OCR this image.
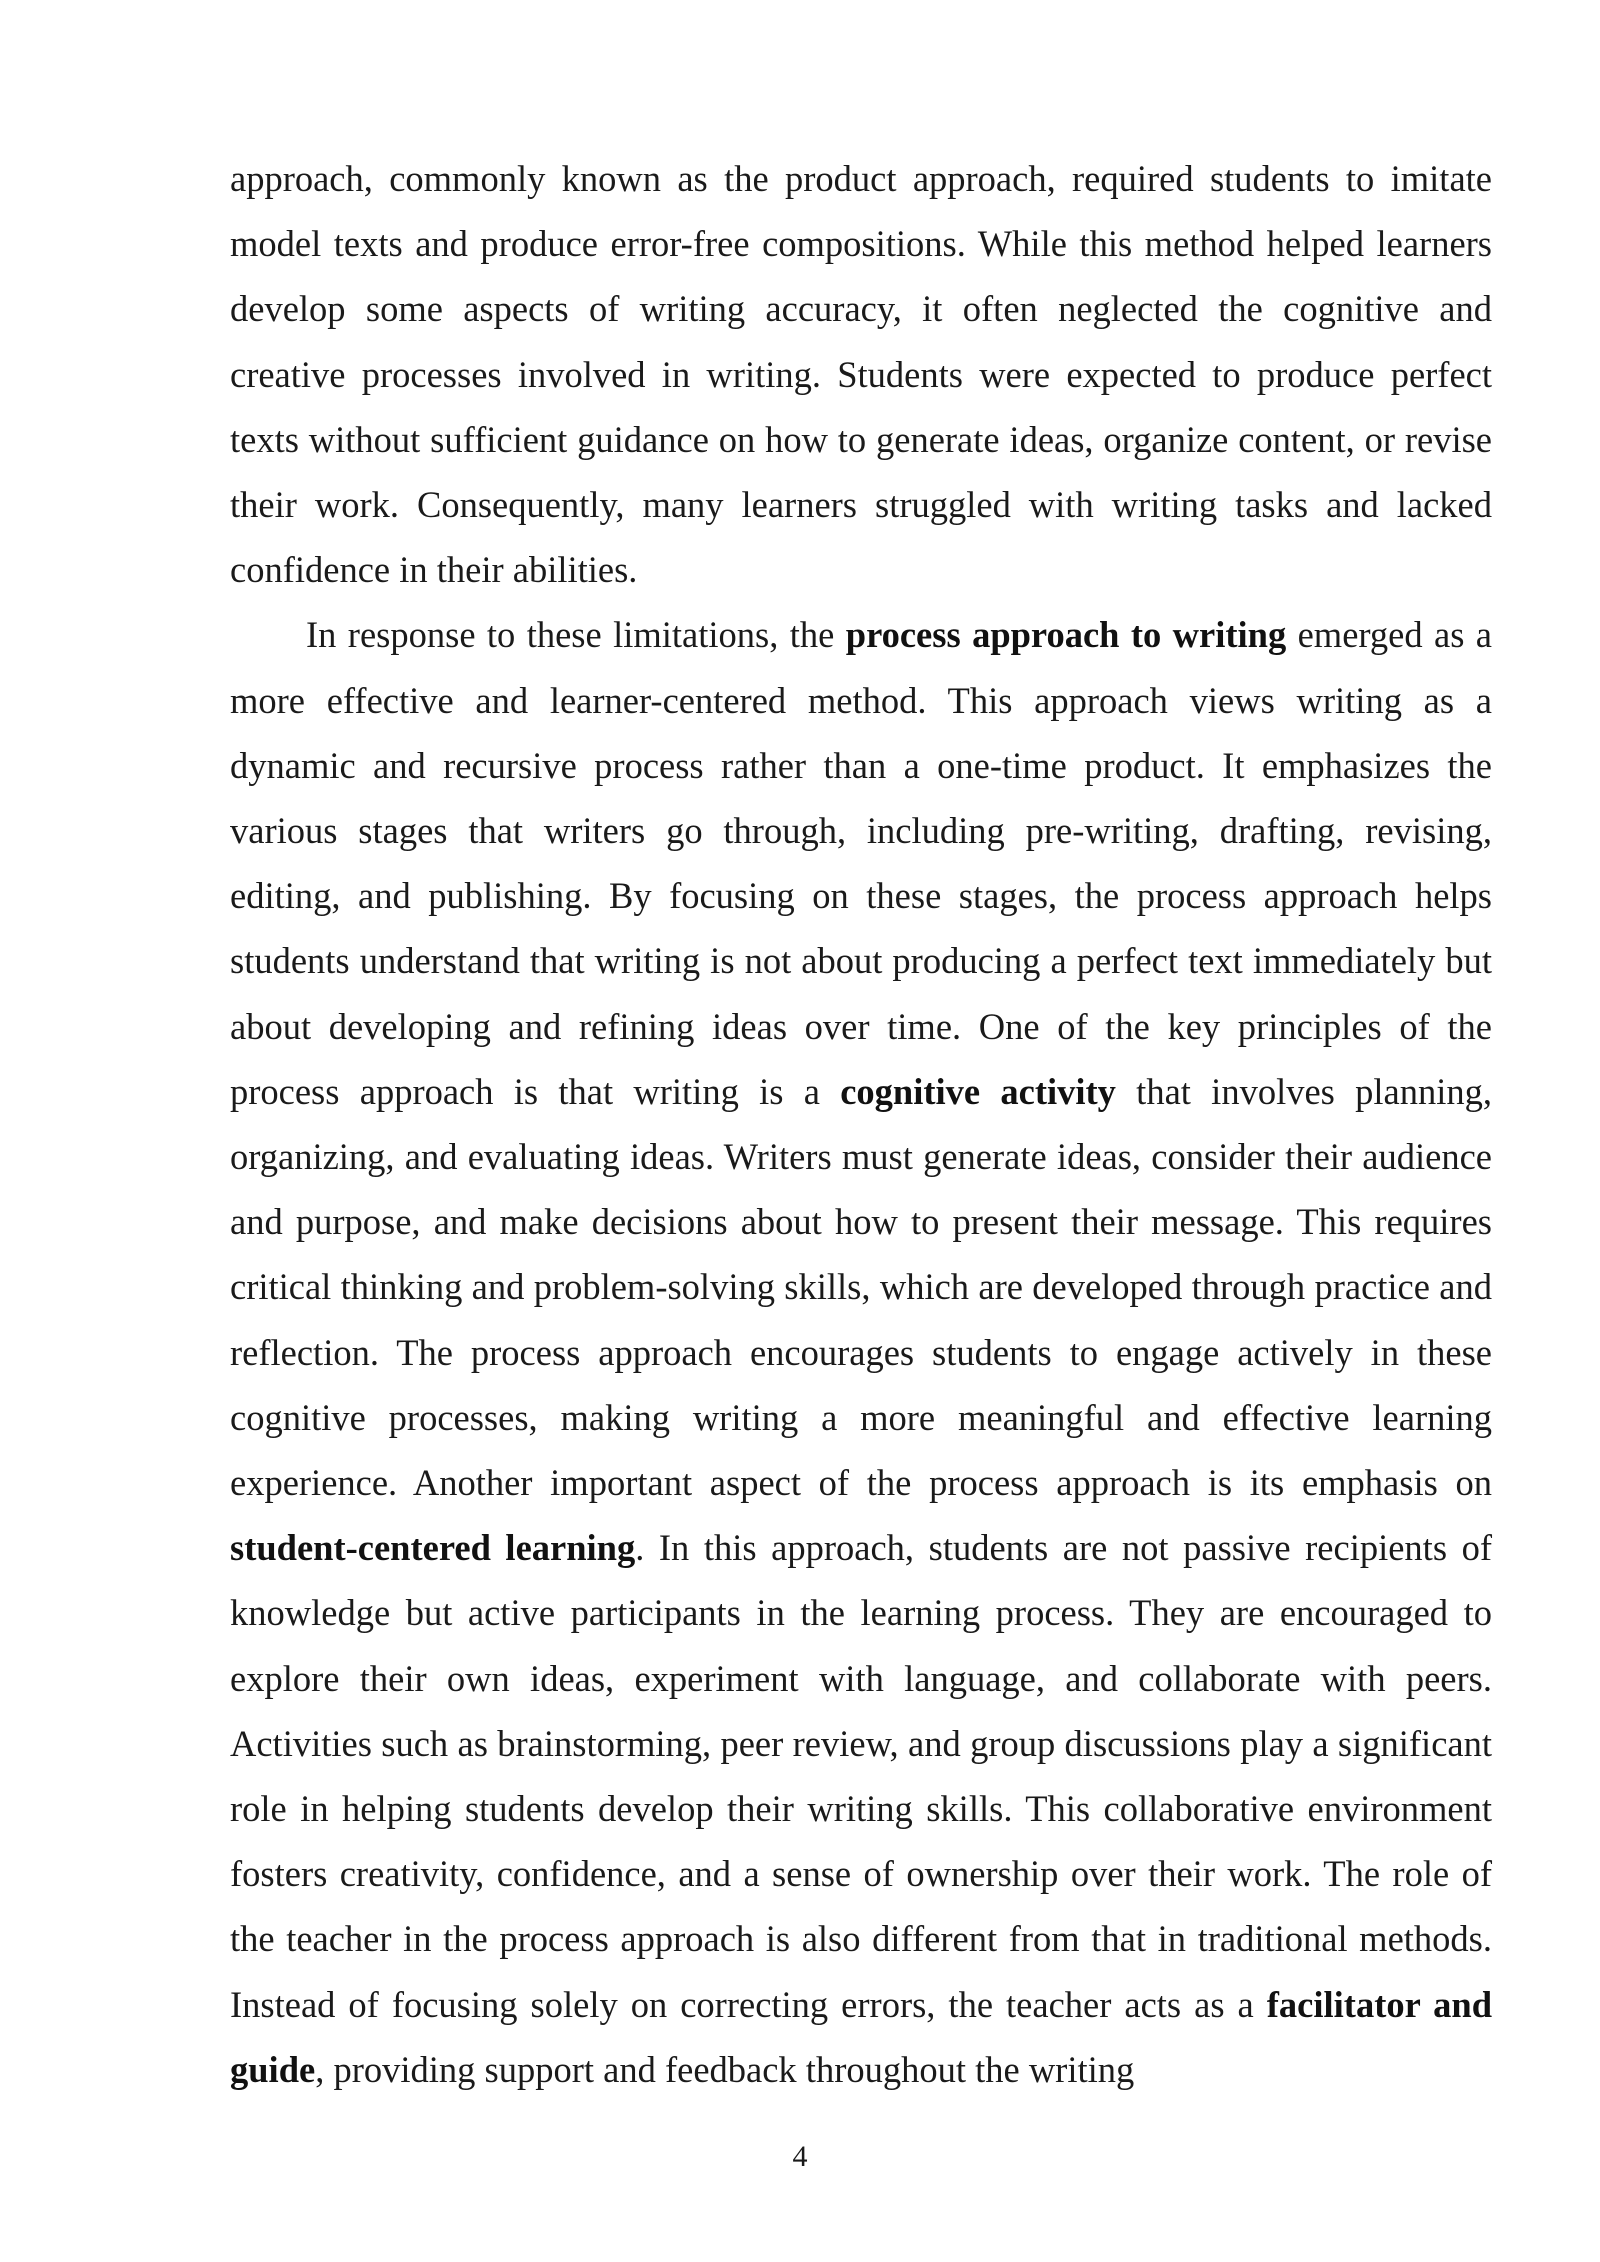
approach, commonly known as the product approach, required students to imitate model texts and produce error-free compositions. While this method helped learners develop some aspects of writing accuracy, it often neglected the cognitive and creative processes involved in writing. Students were expected to produce perfect texts without sufficient guidance on how to generate ideas, organize content, or revise their work. Consequently, many learners struggled with writing tasks and lacked confidence in their abilities.

In response to these limitations, the process approach to writing emerged as a more effective and learner-centered method. This approach views writing as a dynamic and recursive process rather than a one-time product. It emphasizes the various stages that writers go through, including pre-writing, drafting, revising, editing, and publishing. By focusing on these stages, the process approach helps students understand that writing is not about producing a perfect text immediately but about developing and refining ideas over time. One of the key principles of the process approach is that writing is a cognitive activity that involves planning, organizing, and evaluating ideas. Writers must generate ideas, consider their audience and purpose, and make decisions about how to present their message. This requires critical thinking and problem-solving skills, which are developed through practice and reflection. The process approach encourages students to engage actively in these cognitive processes, making writing a more meaningful and effective learning experience. Another important aspect of the process approach is its emphasis on student-centered learning. In this approach, students are not passive recipients of knowledge but active participants in the learning process. They are encouraged to explore their own ideas, experiment with language, and collaborate with peers. Activities such as brainstorming, peer review, and group discussions play a significant role in helping students develop their writing skills. This collaborative environment fosters creativity, confidence, and a sense of ownership over their work. The role of the teacher in the process approach is also different from that in traditional methods. Instead of focusing solely on correcting errors, the teacher acts as a facilitator and guide, providing support and feedback throughout the writing

4
